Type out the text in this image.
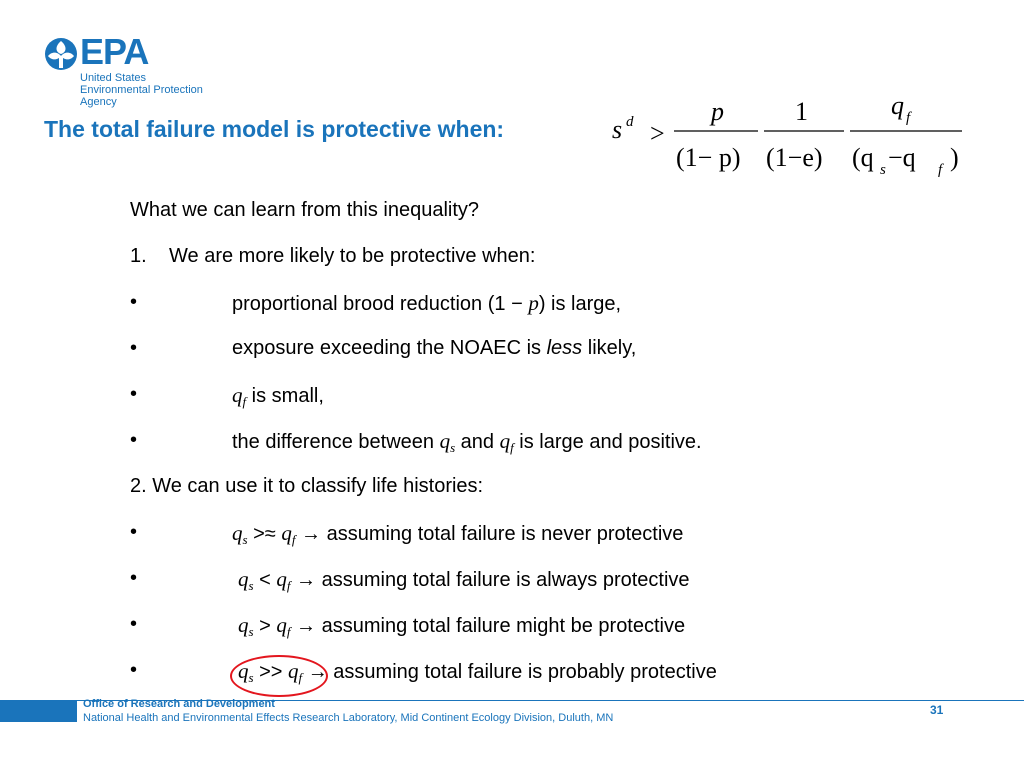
EPA
United States
Environmental Protection
Agency
The total failure model is protective when:	s d >
p
(1− p)
1
(1−e)
q f
(q s −q f )
What we can learn from this inequality?
1. We are more likely to be protective when:
•	proportional brood reduction (1 − p) is large,
•	exposure exceeding the NOAEC is less likely,
•	$q_f$ is small,
•	the difference between $q_s$ and $q_f$ is large and positive.
2. We can use it to classify life histories:
•	$q_s >\approx q_f$ → assuming total failure is never protective
•	$q_s < q_f$ → assuming total failure is always protective
•	$q_s > q_f$ → assuming total failure might be protective
•	$q_s >> q_f$ → assuming total failure is probably protective
Office of Research and Development
National Health and Environmental Effects Research Laboratory, Mid Continent Ecology Division, Duluth, MN
31
